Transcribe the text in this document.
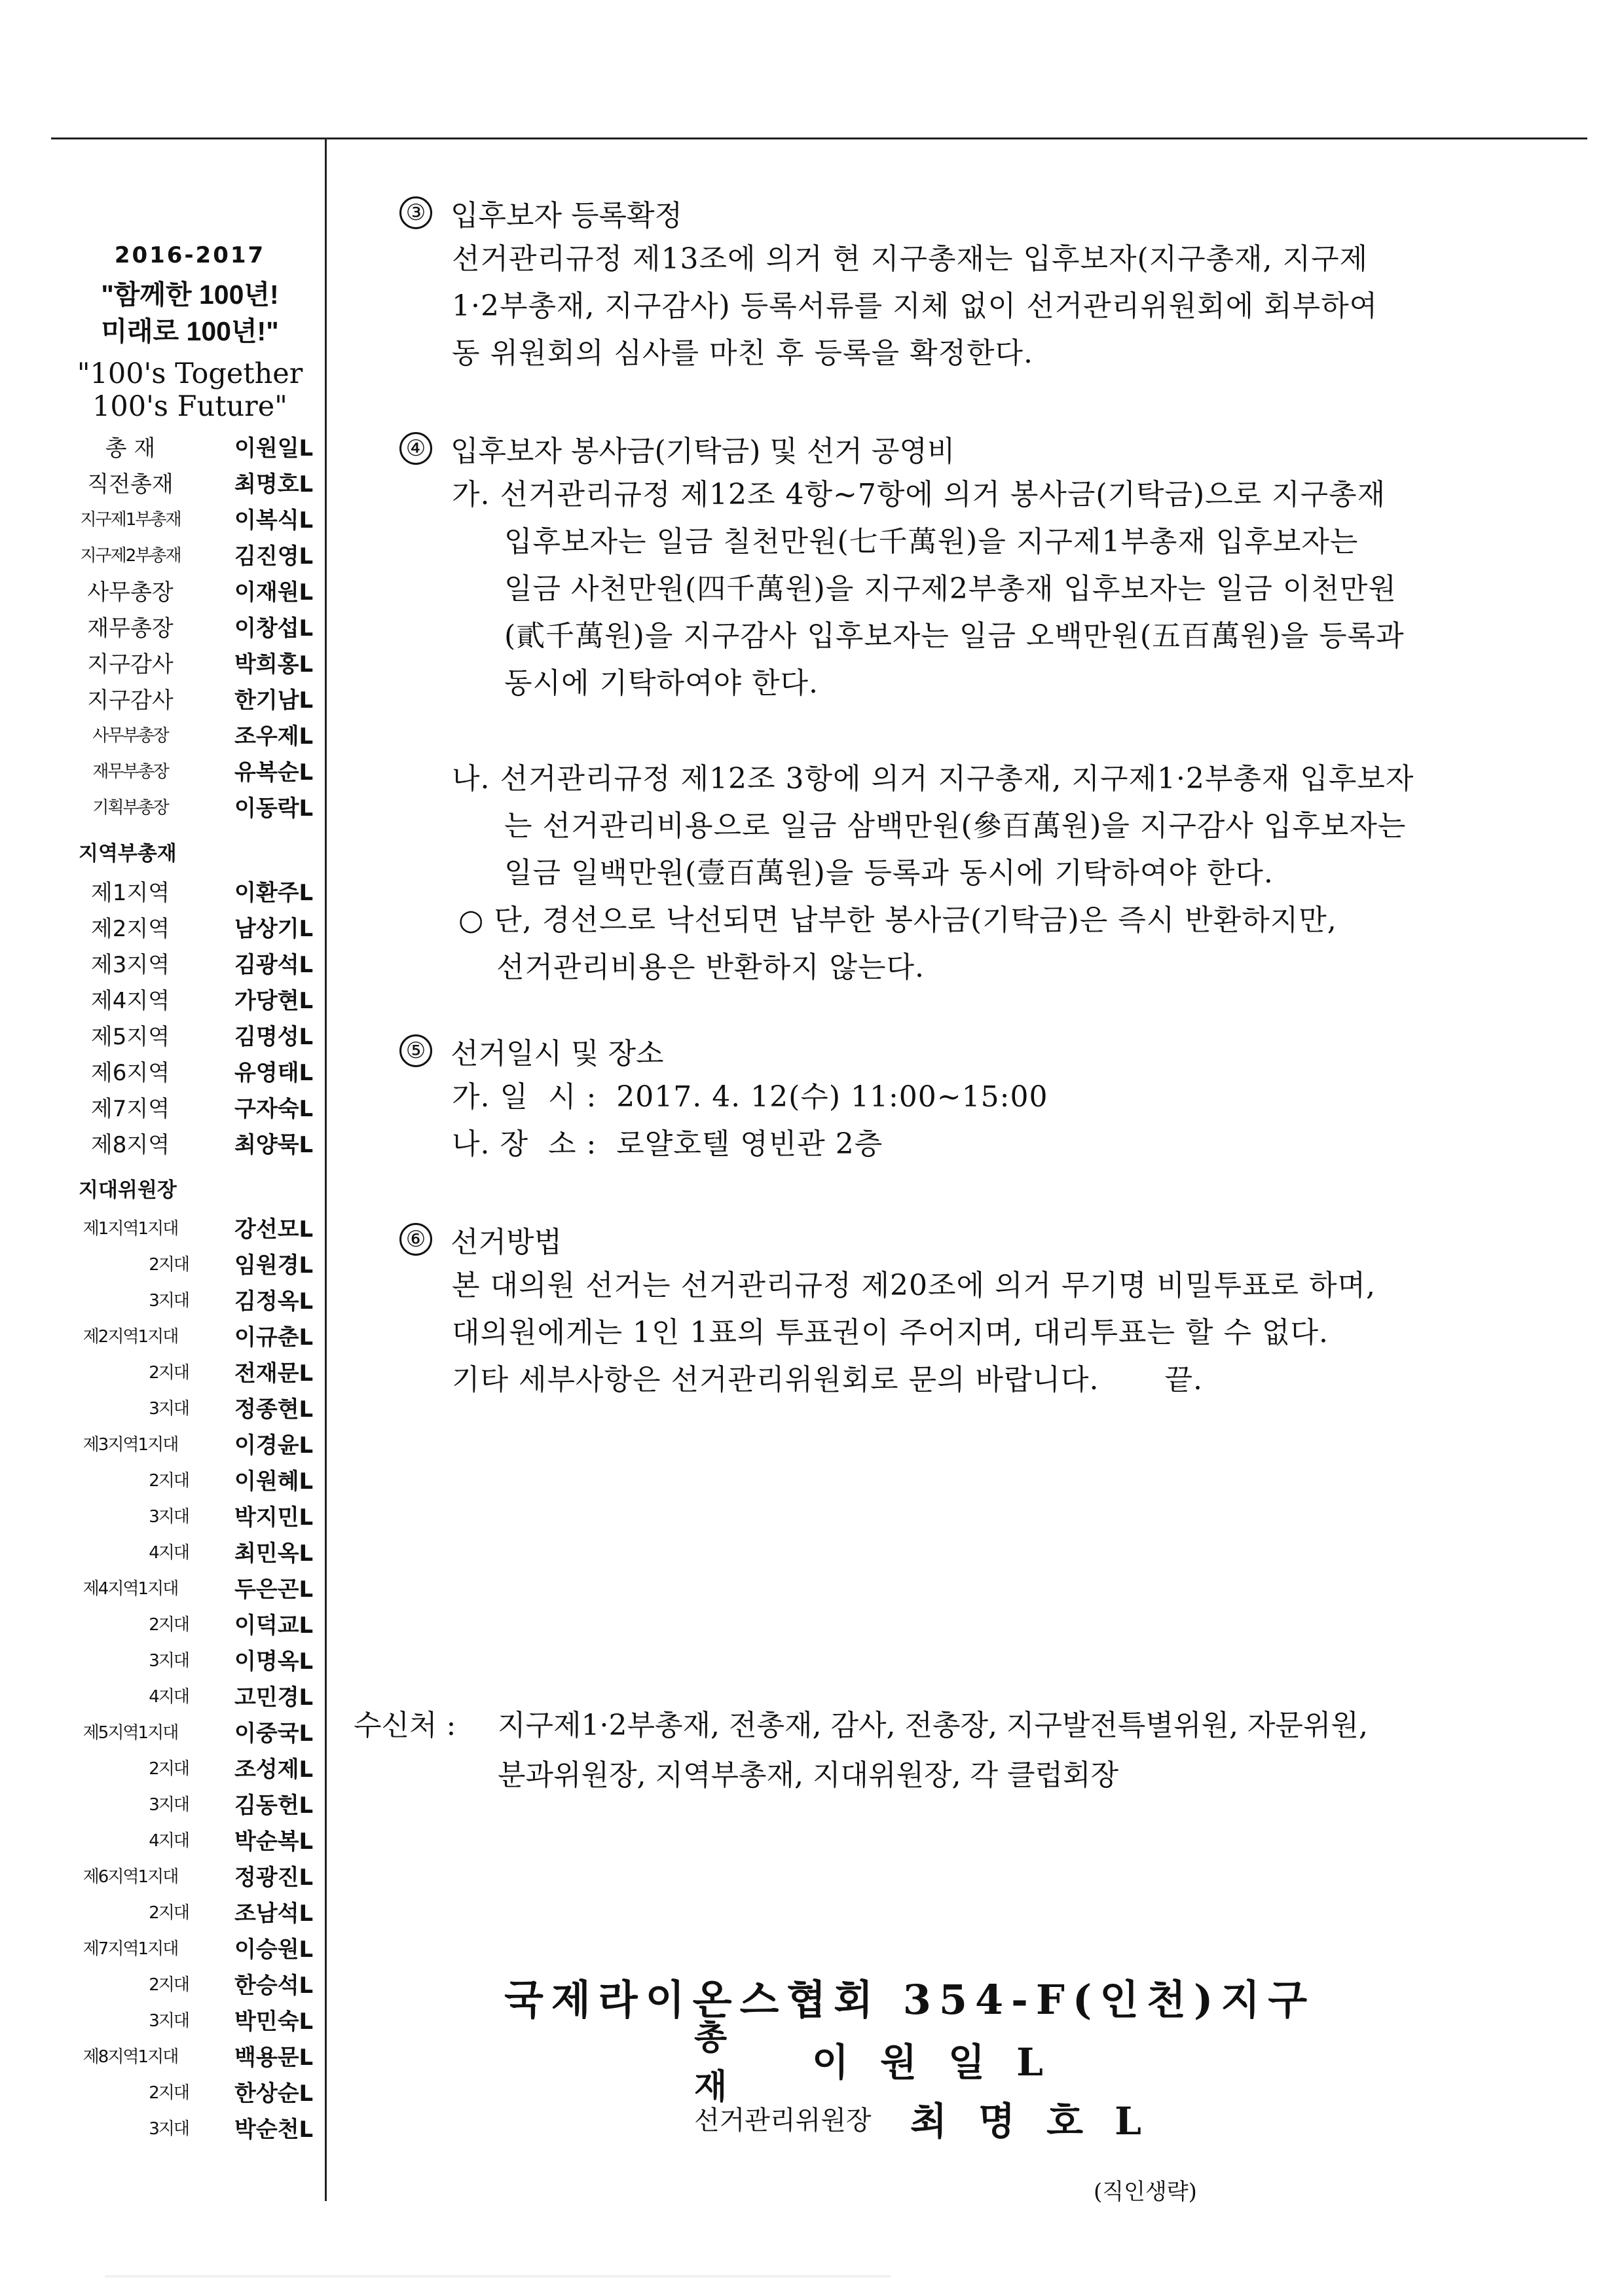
2016-2017
"함께한 100년!
미래로 100년!"
"100's Together
100's Future"
총 재	이원일L
직전총재	최명호L
지구제1부총재	이복식L
지구제2부총재	김진영L
사무총장	이재원L
재무총장	이창섭L
지구감사	박희홍L
지구감사	한기남L
사무부총장	조우제L
재무부총장	유복순L
기획부총장	이동락L
지역부총재
제1지역	이환주L
제2지역	남상기L
제3지역	김광석L
제4지역	가당현L
제5지역	김명성L
제6지역	유영태L
제7지역	구자숙L
제8지역	최양묵L
지대위원장
제1지역1지대	강선모L
2지대	임원경L
3지대	김정옥L
제2지역1지대	이규춘L
2지대	전재문L
3지대	정종현L
제3지역1지대	이경윤L
2지대	이원혜L
3지대	박지민L
4지대	최민옥L
제4지역1지대	두은곤L
2지대	이덕교L
3지대	이명옥L
4지대	고민경L
제5지역1지대	이중국L
2지대	조성제L
3지대	김동헌L
4지대	박순복L
제6지역1지대	정광진L
2지대	조남석L
제7지역1지대	이승원L
2지대	한승석L
3지대	박민숙L
제8지역1지대	백용문L
2지대	한상순L
3지대	박순천L
③ 입후보자 등록확정
선거관리규정 제13조에 의거 현 지구총재는 입후보자(지구총재, 지구제
1·2부총재, 지구감사) 등록서류를 지체 없이 선거관리위원회에 회부하여
동 위원회의 심사를 마친 후 등록을 확정한다.
④ 입후보자 봉사금(기탁금) 및 선거 공영비
가. 선거관리규정 제12조 4항~7항에 의거 봉사금(기탁금)으로 지구총재
입후보자는 일금 칠천만원(七千萬원)을 지구제1부총재 입후보자는
일금 사천만원(四千萬원)을 지구제2부총재 입후보자는 일금 이천만원
(貳千萬원)을 지구감사 입후보자는 일금 오백만원(五百萬원)을 등록과
동시에 기탁하여야 한다.
나. 선거관리규정 제12조 3항에 의거 지구총재, 지구제1·2부총재 입후보자
는 선거관리비용으로 일금 삼백만원(參百萬원)을 지구감사 입후보자는
일금 일백만원(壹百萬원)을 등록과 동시에 기탁하여야 한다.
○ 단, 경선으로 낙선되면 납부한 봉사금(기탁금)은 즉시 반환하지만,
선거관리비용은 반환하지 않는다.
⑤ 선거일시 및 장소
가. 일  시 :  2017. 4. 12(수) 11:00~15:00
나. 장  소 :  로얄호텔 영빈관 2층
⑥ 선거방법
본 대의원 선거는 선거관리규정 제20조에 의거 무기명 비밀투표로 하며,
대의원에게는 1인 1표의 투표권이 주어지며, 대리투표는 할 수 없다.
기타 세부사항은 선거관리위원회로 문의 바랍니다. 끝.
수신처 :	지구제1·2부총재, 전총재, 감사, 전총장, 지구발전특별위원, 자문위원,
분과위원장, 지역부총재, 지대위원장, 각 클럽회장
국제라이온스협회 354-F(인천)지구
총재
이원일L
선거관리위원장	최명호L
(직인생략)
